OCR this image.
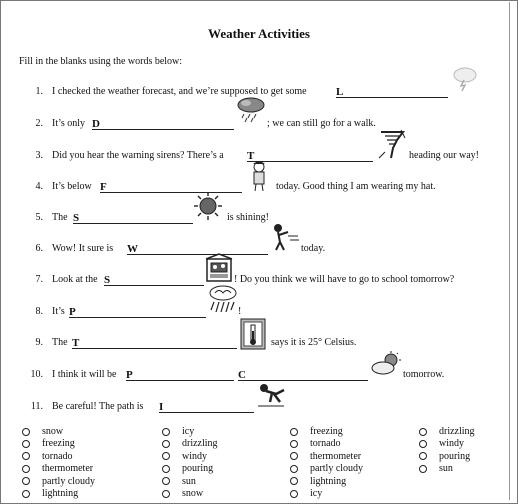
Weather Activities
Fill in the blanks using the words below:
1. I checked the weather forecast, and we’re supposed to get some	L
2. It’s only D	; we can still go for a walk.
3. Did you hear the warning sirens? There’s a T	heading our way!
4. It’s below F	today. Good thing I am wearing my hat.
5. The S	is shining!
6. Wow! It sure is W	today.
7. Look at the S	! Do you think we will have to go to school tomorrow?
8. It’s P	!
9. The T	says it is 25° Celsius.
10. I think it will be P	C	tomorrow.
11. Be careful! The path is I
snow
freezing
tornado
thermometer
partly cloudy
lightning
icy
drizzling
windy
pouring
sun
snow
freezing
tornado
thermometer
partly cloudy
lightning
icy
drizzling
windy
pouring
sun
